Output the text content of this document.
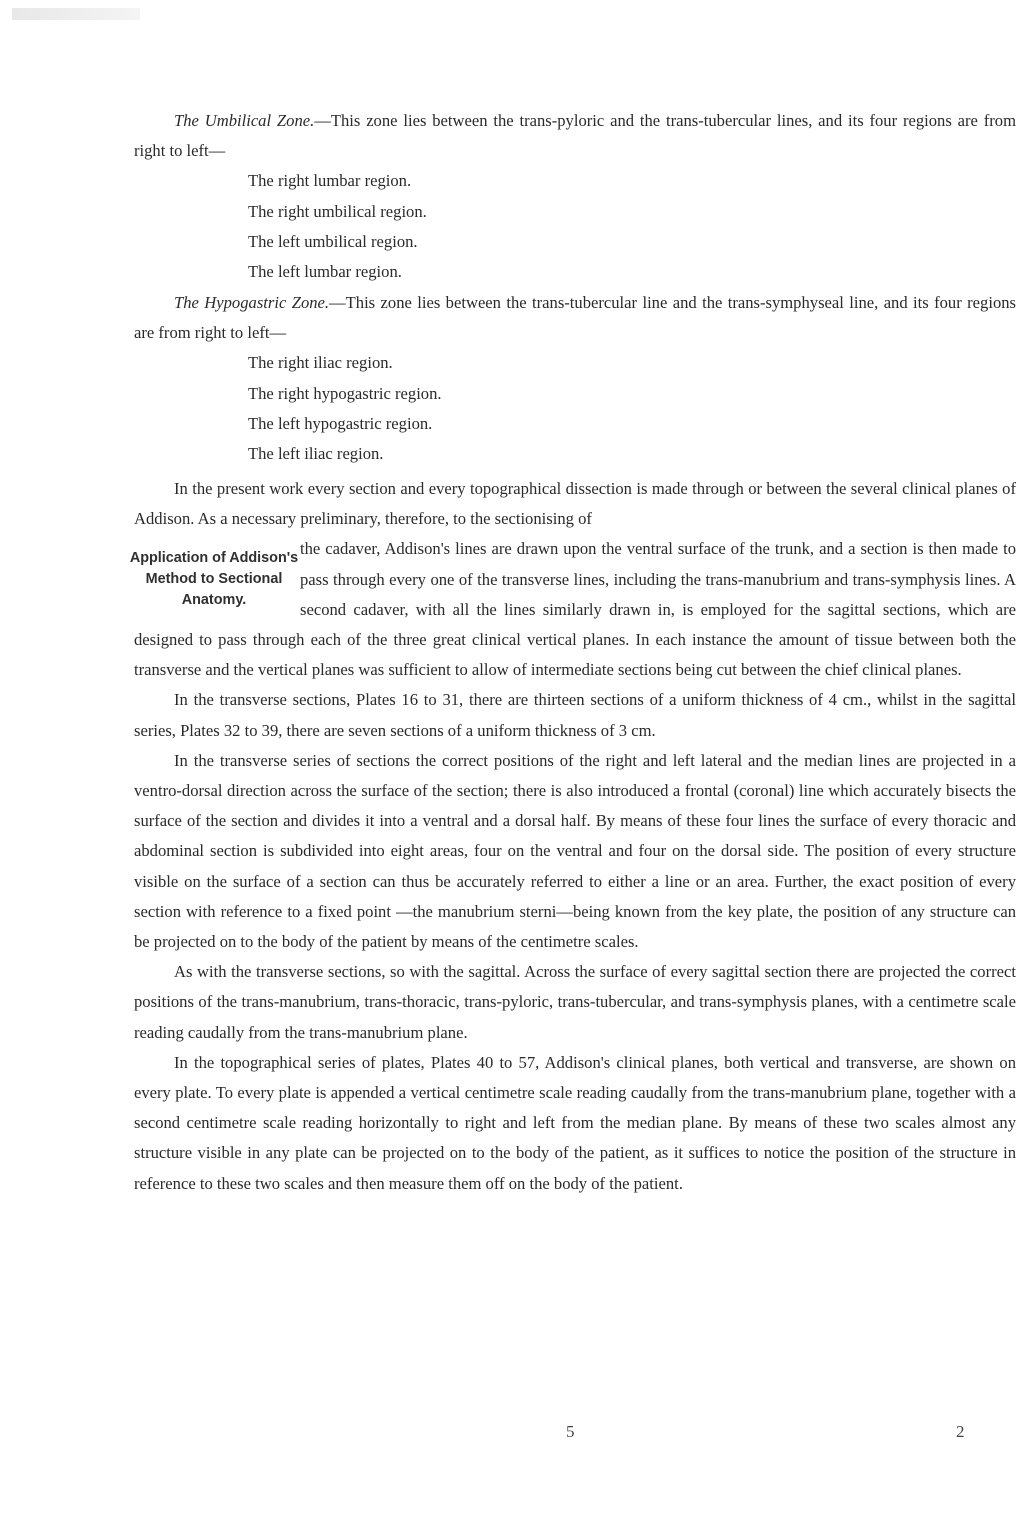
The Umbilical Zone.—This zone lies between the trans-pyloric and the trans-tubercular lines, and its four regions are from right to left—

The right lumbar region.
The right umbilical region.
The left umbilical region.
The left lumbar region.

The Hypogastric Zone.—This zone lies between the trans-tubercular line and the trans-symphyseal line, and its four regions are from right to left—

The right iliac region.
The right hypogastric region.
The left hypogastric region.
The left iliac region.

In the present work every section and every topographical dissection is made through or between the several clinical planes of Addison. As a necessary preliminary, therefore, to the sectionising of

Application of Addison's Method to Sectional Anatomy.

the cadaver, Addison's lines are drawn upon the ventral surface of the trunk, and a section is then made to pass through every one of the transverse lines, including the trans-manubrium and trans-symphysis lines. A second cadaver, with all the lines similarly drawn in, is employed for the sagittal sections, which are designed to pass through each of the three great clinical vertical planes. In each instance the amount of tissue between both the transverse and the vertical planes was sufficient to allow of intermediate sections being cut between the chief clinical planes.

In the transverse sections, Plates 16 to 31, there are thirteen sections of a uniform thickness of 4 cm., whilst in the sagittal series, Plates 32 to 39, there are seven sections of a uniform thickness of 3 cm.

In the transverse series of sections the correct positions of the right and left lateral and the median lines are projected in a ventro-dorsal direction across the surface of the section; there is also introduced a frontal (coronal) line which accurately bisects the surface of the section and divides it into a ventral and a dorsal half. By means of these four lines the surface of every thoracic and abdominal section is subdivided into eight areas, four on the ventral and four on the dorsal side. The position of every structure visible on the surface of a section can thus be accurately referred to either a line or an area. Further, the exact position of every section with reference to a fixed point —the manubrium sterni—being known from the key plate, the position of any structure can be projected on to the body of the patient by means of the centimetre scales.

As with the transverse sections, so with the sagittal. Across the surface of every sagittal section there are projected the correct positions of the trans-manubrium, trans-thoracic, trans-pyloric, trans-tubercular, and trans-symphysis planes, with a centimetre scale reading caudally from the trans-manubrium plane.

In the topographical series of plates, Plates 40 to 57, Addison's clinical planes, both vertical and transverse, are shown on every plate. To every plate is appended a vertical centimetre scale reading caudally from the trans-manubrium plane, together with a second centimetre scale reading horizontally to right and left from the median plane. By means of these two scales almost any structure visible in any plate can be projected on to the body of the patient, as it suffices to notice the position of the structure in reference to these two scales and then measure them off on the body of the patient.

5	2
